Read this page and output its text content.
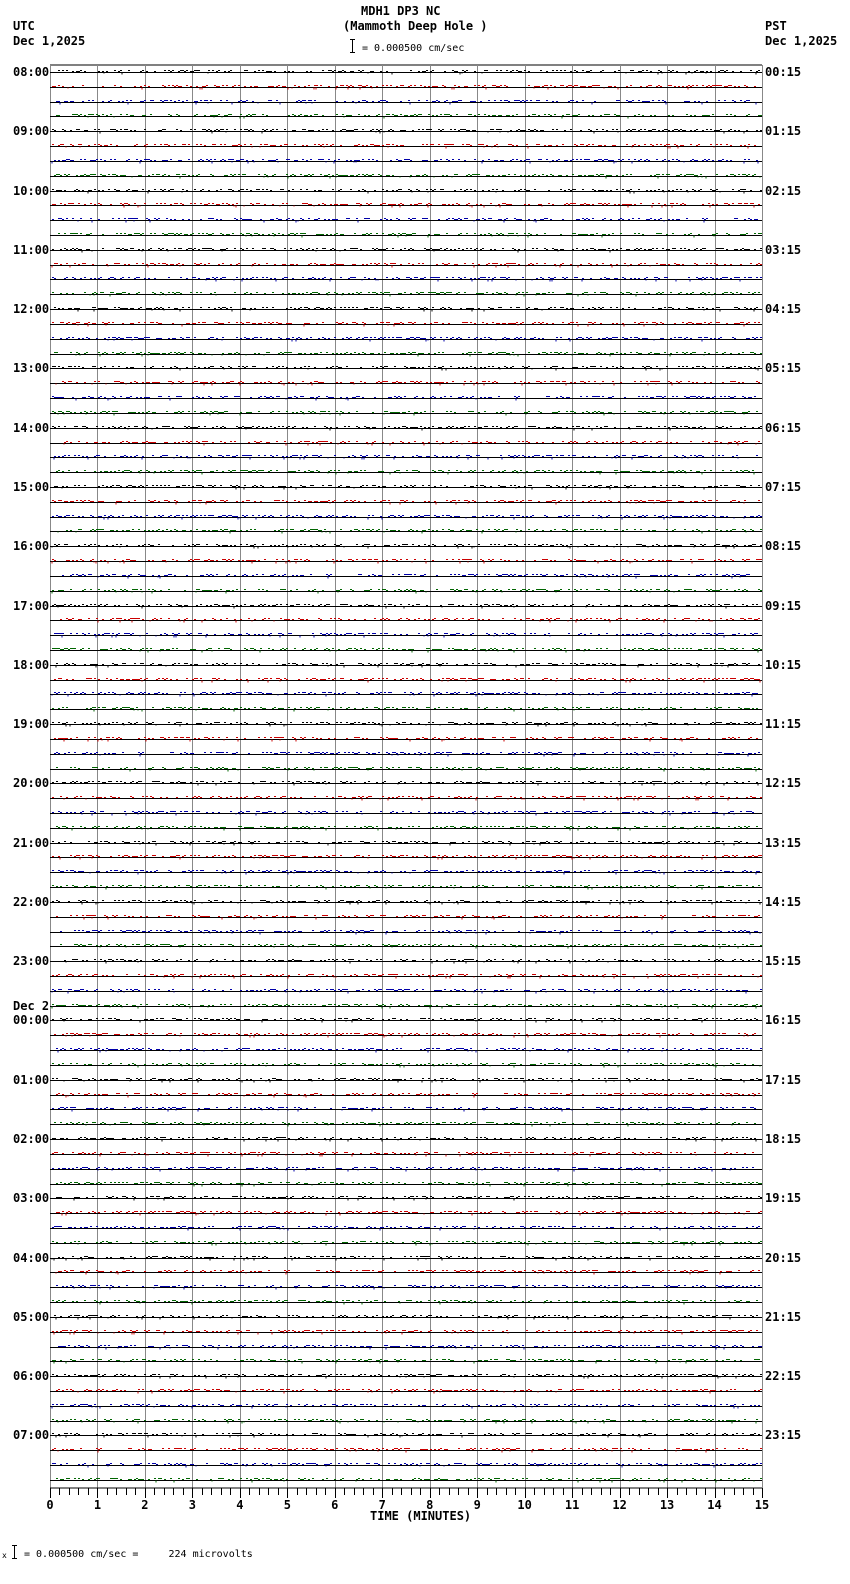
MDH1 DP3 NC
(Mammoth Deep Hole )
= 0.000500 cm/sec
UTC
Dec 1,2025
PST
Dec 1,2025
08:00
09:00
10:00
11:00
12:00
13:00
14:00
15:00
16:00
17:00
18:00
19:00
20:00
21:00
22:00
23:00
Dec 2
00:00
01:00
02:00
03:00
04:00
05:00
06:00
07:00
00:15
01:15
02:15
03:15
04:15
05:15
06:15
07:15
08:15
09:15
10:15
11:15
12:15
13:15
14:15
15:15
16:15
17:15
18:15
19:15
20:15
21:15
22:15
23:15
0	1	2	3	4	5	6	7	8	9	10	11	12	13	14	15
TIME (MINUTES)
x = 0.000500 cm/sec =     224 microvolts
